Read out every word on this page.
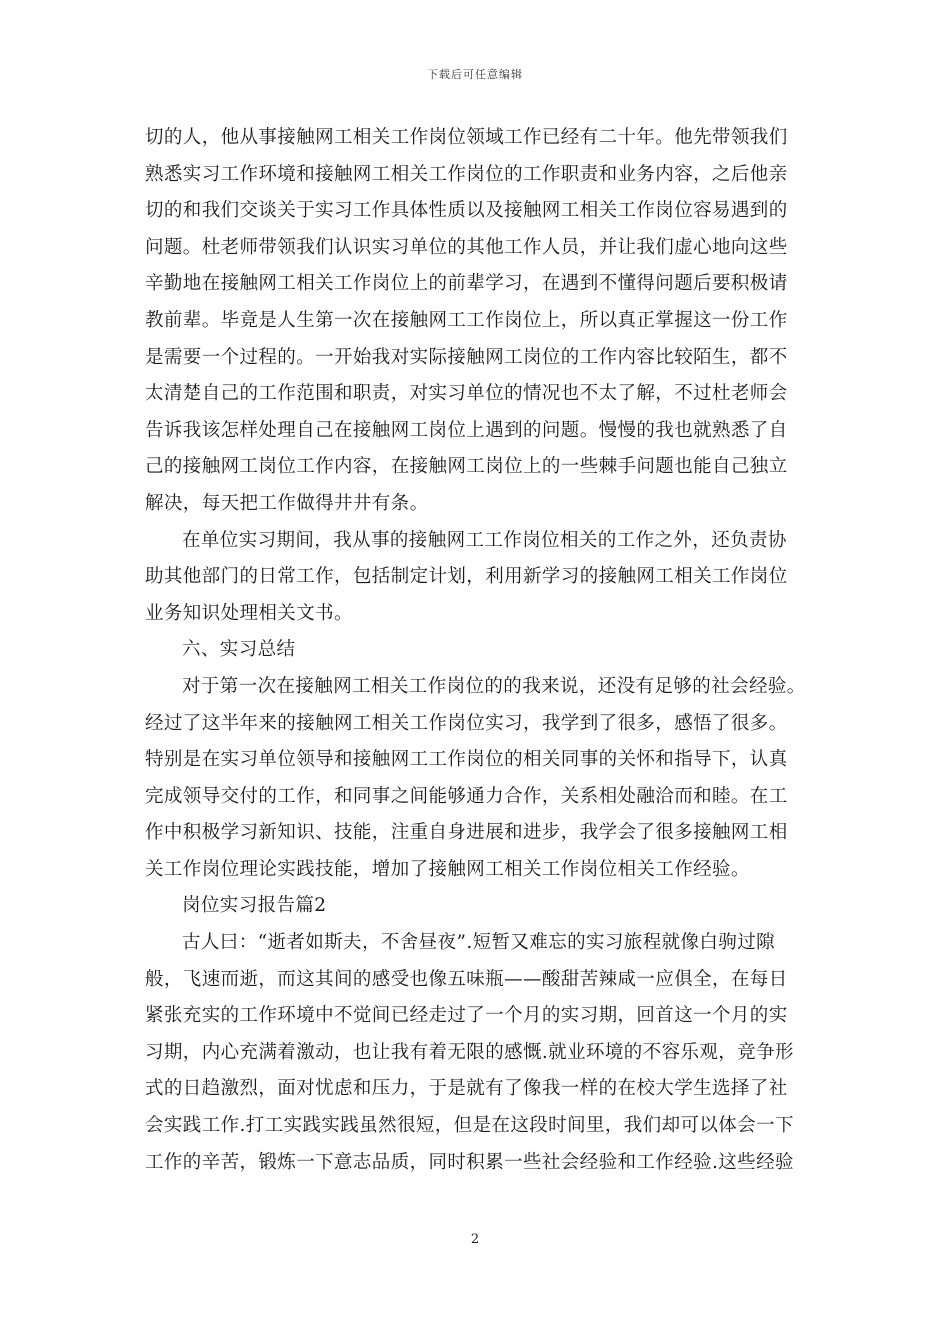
下载后可任意编辑
切的人，他从事接触网工相关工作岗位领域工作已经有二十年。他先带领我们
熟悉实习工作环境和接触网工相关工作岗位的工作职责和业务内容，之后他亲
切的和我们交谈关于实习工作具体性质以及接触网工相关工作岗位容易遇到的
问题。杜老师带领我们认识实习单位的其他工作人员，并让我们虚心地向这些
辛勤地在接触网工相关工作岗位上的前辈学习，在遇到不懂得问题后要积极请
教前辈。毕竟是人生第一次在接触网工工作岗位上，所以真正掌握这一份工作
是需要一个过程的。一开始我对实际接触网工岗位的工作内容比较陌生，都不
太清楚自己的工作范围和职责，对实习单位的情况也不太了解，不过杜老师会
告诉我该怎样处理自己在接触网工岗位上遇到的问题。慢慢的我也就熟悉了自
己的接触网工岗位工作内容，在接触网工岗位上的一些棘手问题也能自己独立
解决，每天把工作做得井井有条。
在单位实习期间，我从事的接触网工工作岗位相关的工作之外，还负责协
助其他部门的日常工作，包括制定计划，利用新学习的接触网工相关工作岗位
业务知识处理相关文书。
六、实习总结
对于第一次在接触网工相关工作岗位的的我来说，还没有足够的社会经验。
经过了这半年来的接触网工相关工作岗位实习，我学到了很多，感悟了很多。
特别是在实习单位领导和接触网工工作岗位的相关同事的关怀和指导下，认真
完成领导交付的工作，和同事之间能够通力合作，关系相处融洽而和睦。在工
作中积极学习新知识、技能，注重自身进展和进步，我学会了很多接触网工相
关工作岗位理论实践技能，增加了接触网工相关工作岗位相关工作经验。
岗位实习报告篇2
古人曰：“逝者如斯夫，不舍昼夜”.短暂又难忘的实习旅程就像白驹过隙
般，飞速而逝，而这其间的感受也像五味瓶——酸甜苦辣咸一应俱全，在每日
紧张充实的工作环境中不觉间已经走过了一个月的实习期，回首这一个月的实
习期，内心充满着激动，也让我有着无限的感慨.就业环境的不容乐观，竞争形
式的日趋激烈，面对忧虑和压力，于是就有了像我一样的在校大学生选择了社
会实践工作.打工实践实践虽然很短，但是在这段时间里，我们却可以体会一下
工作的辛苦，锻炼一下意志品质，同时积累一些社会经验和工作经验.这些经验
2
